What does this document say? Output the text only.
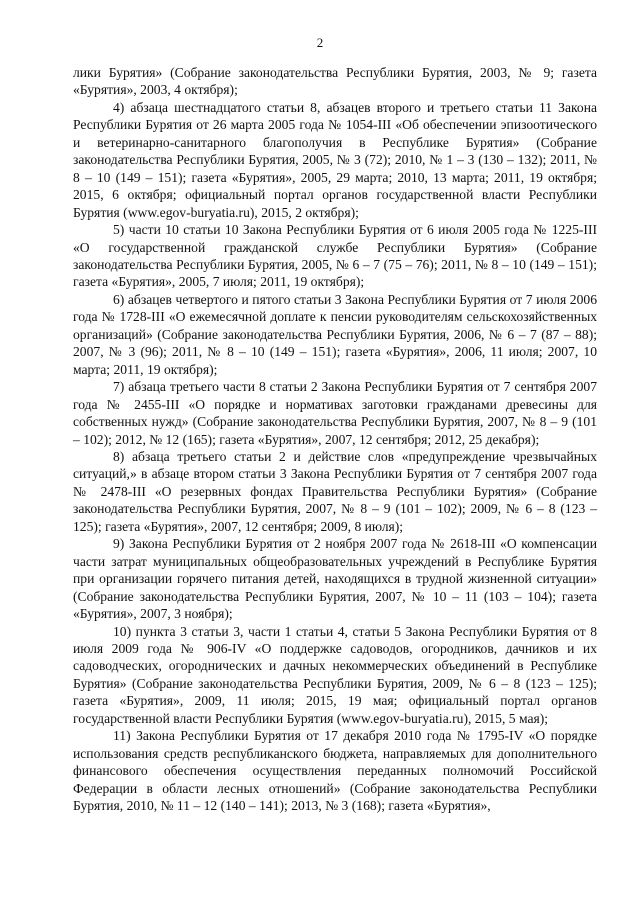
2

лики Бурятия» (Собрание законодательства Республики Бурятия, 2003, № 9; газета «Бурятия», 2003, 4 октября);

4) абзаца шестнадцатого статьи 8, абзацев второго и третьего статьи 11 Закона Республики Бурятия от 26 марта 2005 года № 1054-III «Об обеспечении эпизоотического и ветеринарно-санитарного благополучия в Республике Бурятия» (Собрание законодательства Республики Бурятия, 2005, № 3 (72); 2010, № 1 – 3 (130 – 132); 2011, № 8 – 10 (149 – 151); газета «Бурятия», 2005, 29 марта; 2010, 13 марта; 2011, 19 октября; 2015, 6 октября; официальный портал органов государственной власти Республики Бурятия (www.egov-buryatia.ru), 2015, 2 октября);

5) части 10 статьи 10 Закона Республики Бурятия от 6 июля 2005 года № 1225-III «О государственной гражданской службе Республики Бурятия» (Собрание законодательства Республики Бурятия, 2005, № 6 – 7 (75 – 76); 2011, № 8 – 10 (149 – 151); газета «Бурятия», 2005, 7 июля; 2011, 19 октября);

6) абзацев четвертого и пятого статьи 3 Закона Республики Бурятия от 7 июля 2006 года № 1728-III «О ежемесячной доплате к пенсии руководителям сельскохозяйственных организаций» (Собрание законодательства Республики Бурятия, 2006, № 6 – 7 (87 – 88); 2007, № 3 (96); 2011, № 8 – 10 (149 – 151); газета «Бурятия», 2006, 11 июля; 2007, 10 марта; 2011, 19 октября);

7) абзаца третьего части 8 статьи 2 Закона Республики Бурятия от 7 сентября 2007 года № 2455-III «О порядке и нормативах заготовки гражданами древесины для собственных нужд» (Собрание законодательства Республики Бурятия, 2007, № 8 – 9 (101 – 102); 2012, № 12 (165); газета «Бурятия», 2007, 12 сентября; 2012, 25 декабря);

8) абзаца третьего статьи 2 и действие слов «предупреждение чрезвычайных ситуаций,» в абзаце втором статьи 3 Закона Республики Бурятия от 7 сентября 2007 года № 2478-III «О резервных фондах Правительства Республики Бурятия» (Собрание законодательства Республики Бурятия, 2007, № 8 – 9 (101 – 102); 2009, № 6 – 8 (123 – 125); газета «Бурятия», 2007, 12 сентября; 2009, 8 июля);

9) Закона Республики Бурятия от 2 ноября 2007 года № 2618-III «О компенсации части затрат муниципальных общеобразовательных учреждений в Республике Бурятия при организации горячего питания детей, находящихся в трудной жизненной ситуации» (Собрание законодательства Республики Бурятия, 2007, № 10 – 11 (103 – 104); газета «Бурятия», 2007, 3 ноября);

10) пункта 3 статьи 3, части 1 статьи 4, статьи 5 Закона Республики Бурятия от 8 июля 2009 года № 906-IV «О поддержке садоводов, огородников, дачников и их садоводческих, огороднических и дачных некоммерческих объединений в Республике Бурятия» (Собрание законодательства Республики Бурятия, 2009, № 6 – 8 (123 – 125); газета «Бурятия», 2009, 11 июля; 2015, 19 мая; официальный портал органов государственной власти Республики Бурятия (www.egov-buryatia.ru), 2015, 5 мая);

11) Закона Республики Бурятия от 17 декабря 2010 года № 1795-IV «О порядке использования средств республиканского бюджета, направляемых для дополнительного финансового обеспечения осуществления переданных полномочий Российской Федерации в области лесных отношений» (Собрание законодательства Республики Бурятия, 2010, № 11 – 12 (140 – 141); 2013, № 3 (168); газета «Бурятия»,
